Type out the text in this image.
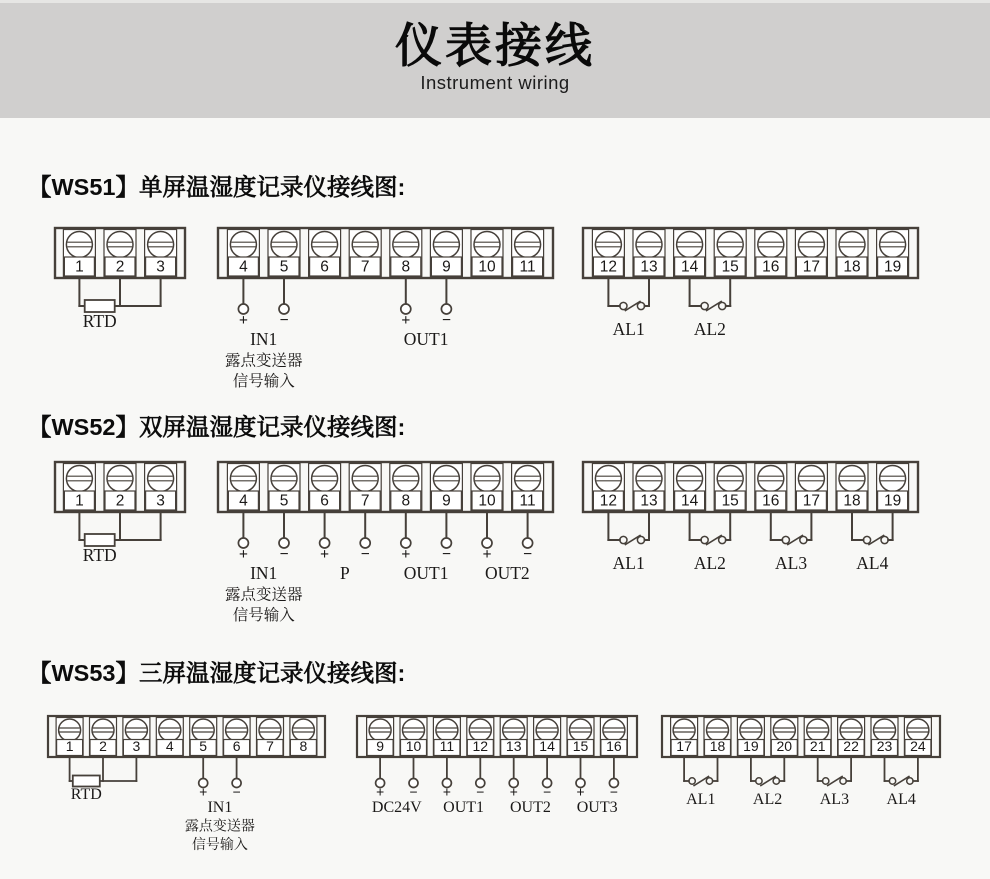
仪表接线
Instrument wiring
【WS51】单屏温湿度记录仪接线图:
1 2 3	4 5 6 7 8 9 10 11	12 13 14 15 16 17 18 19
RTD	+ −
IN1
露点变送器
信号输入
+ −
OUT1	AL1	AL2
【WS52】双屏温湿度记录仪接线图:
1 2 3	4 5 6 7 8 9 10 11	12 13 14 15 16 17 18 19
RTD	+ −
IN1
露点变送器
信号输入
+ −
P
+ −
OUT1
+ −
OUT2	AL1	AL2	AL3	AL4
【WS53】三屏温湿度记录仪接线图:
1 2 3 4 5 6 7 8	9 10 11 12 13 14 15 16	17 18 19 20 21 22 23 24
RTD	+ −
IN1
露点变送器
信号输入
+ −
DC24V
+ −
OUT1
+ −
OUT2
+ −
OUT3	AL1 AL2 AL3 AL4
